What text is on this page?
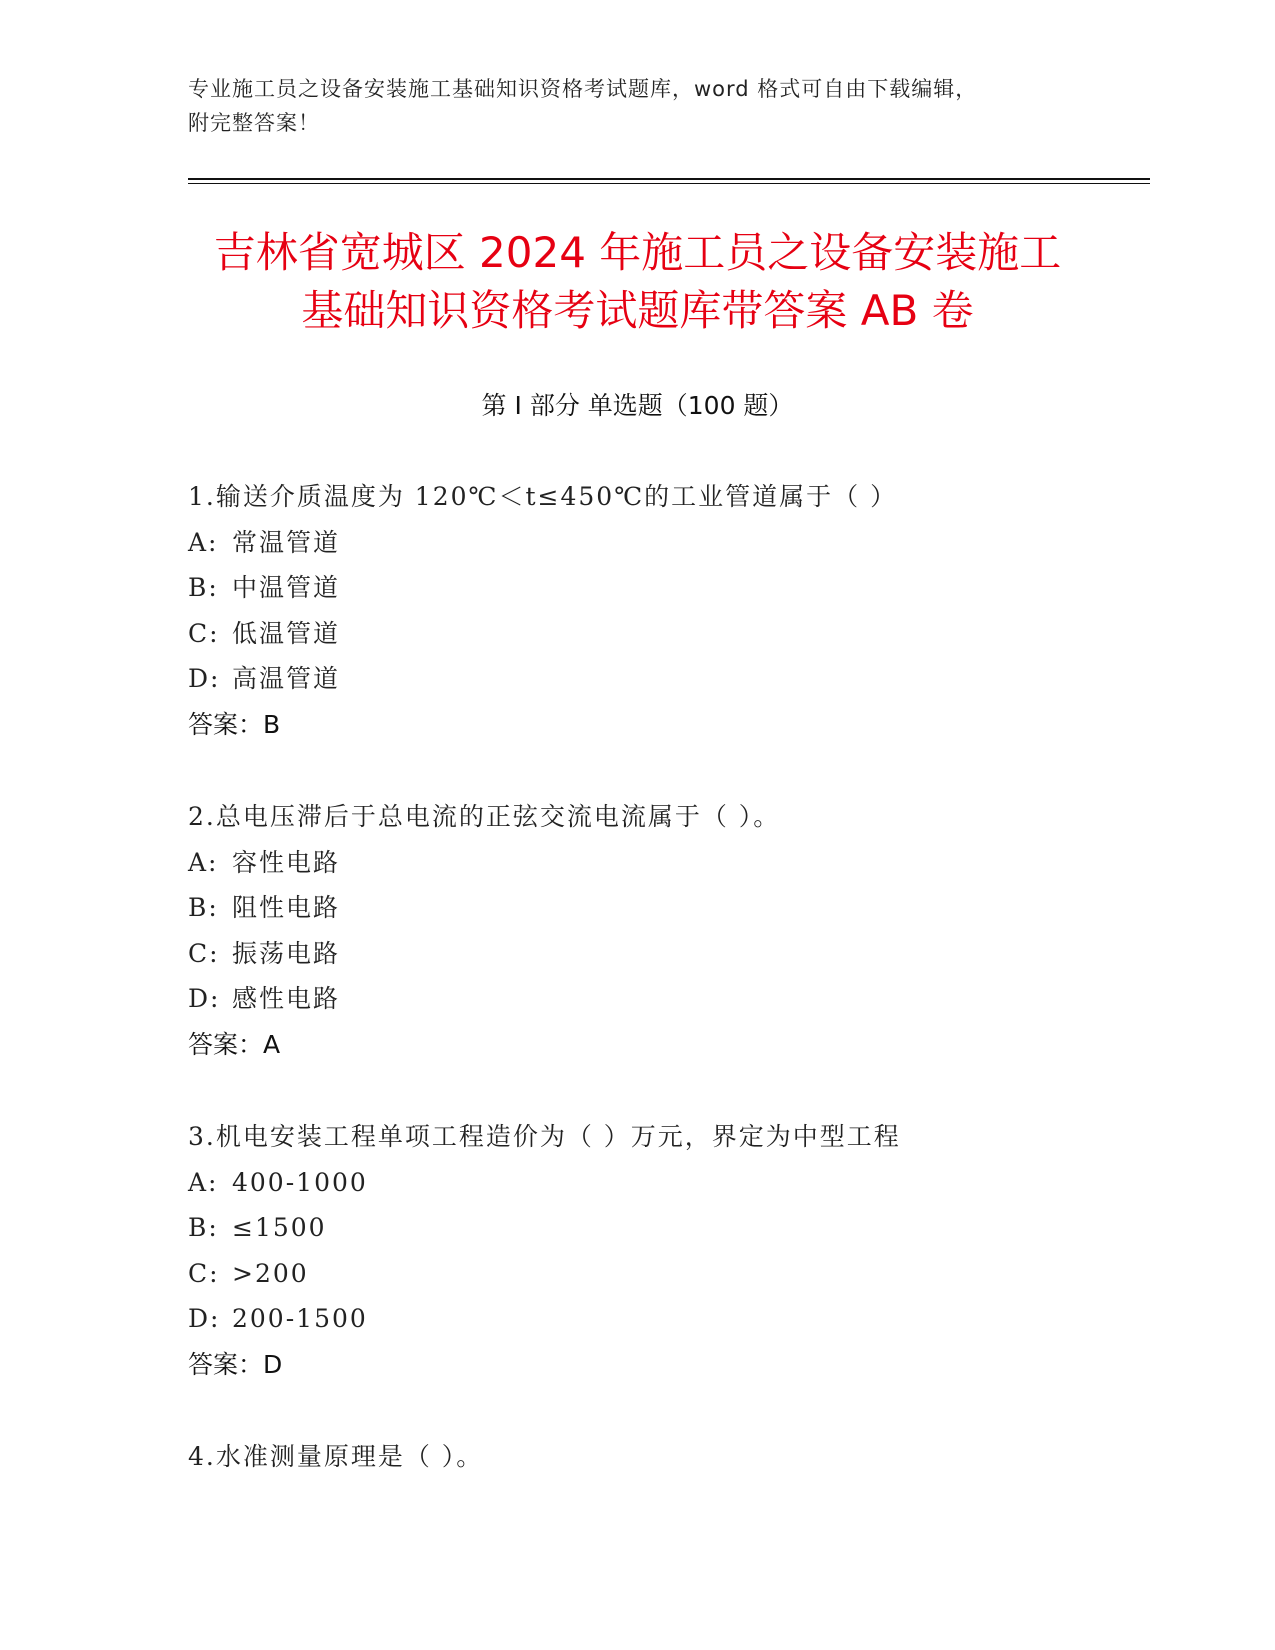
专业施工员之设备安装施工基础知识资格考试题库，word 格式可自由下载编辑，
附完整答案！
吉林省宽城区 2024 年施工员之设备安装施工
基础知识资格考试题库带答案 AB 卷
第 I 部分 单选题（100 题）
1.输送介质温度为 120℃＜t≤450℃的工业管道属于（ ）
A: 常温管道
B: 中温管道
C: 低温管道
D: 高温管道
答案：B
2.总电压滞后于总电流的正弦交流电流属于（ ）。
A: 容性电路
B: 阻性电路
C: 振荡电路
D: 感性电路
答案：A
3.机电安装工程单项工程造价为（ ）万元，界定为中型工程
A: 400-1000
B: ≤1500
C: >200
D: 200-1500
答案：D
4.水准测量原理是（ ）。
